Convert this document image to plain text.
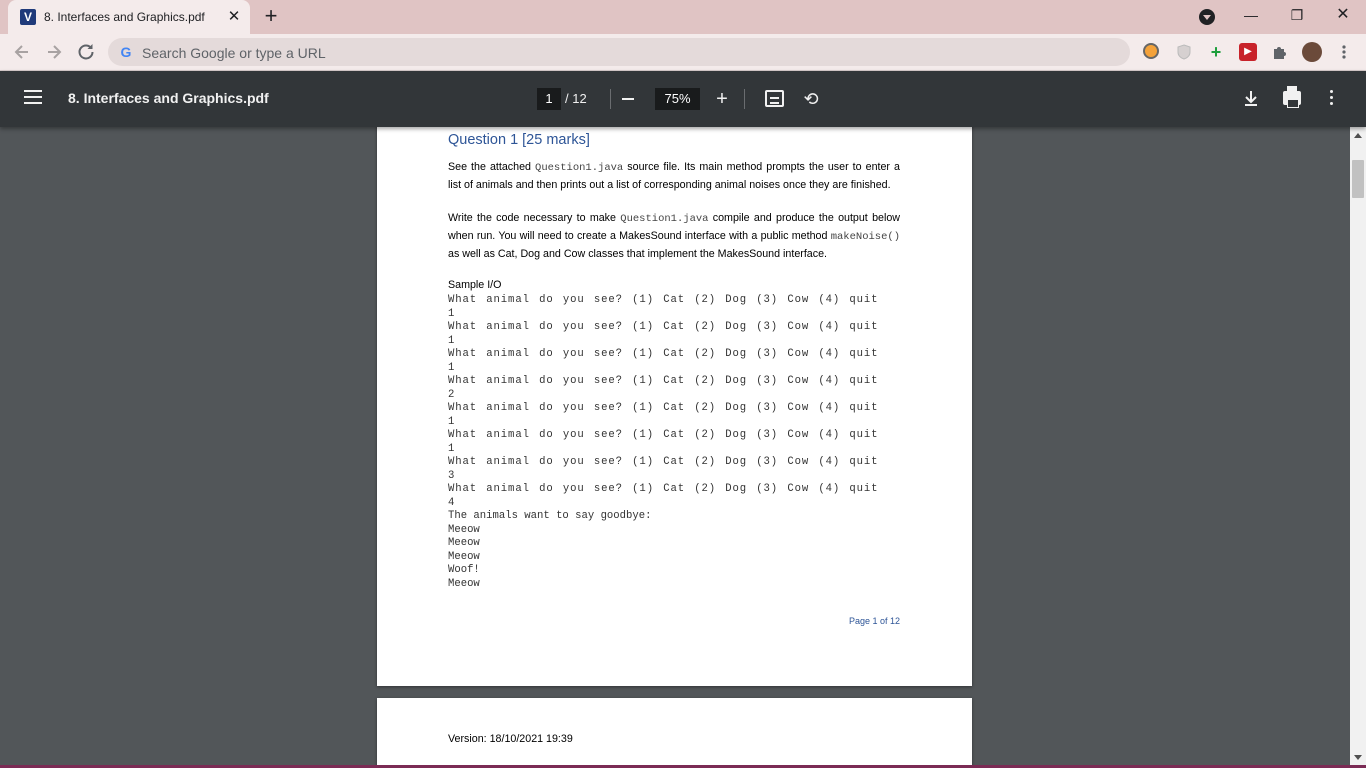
V	8. Interfaces and Graphics.pdf ✕ +	—	❐	✕
G Search Google or type a URL	+	▶
8. Interfaces and Graphics.pdf	1 / 12	75%	+	⟲
Question 1 [25 marks]
See the attached Question1.java source file. Its main method prompts the user to enter a list of animals and then prints out a list of corresponding animal noises once they are finished.
Write the code necessary to make Question1.java compile and produce the output below when run. You will need to create a MakesSound interface with a public method makeNoise() as well as Cat, Dog and Cow classes that implement the MakesSound interface.
Sample I/O
What animal do you see? (1) Cat (2) Dog (3) Cow (4) quit
1
What animal do you see? (1) Cat (2) Dog (3) Cow (4) quit
1
What animal do you see? (1) Cat (2) Dog (3) Cow (4) quit
1
What animal do you see? (1) Cat (2) Dog (3) Cow (4) quit
2
What animal do you see? (1) Cat (2) Dog (3) Cow (4) quit
1
What animal do you see? (1) Cat (2) Dog (3) Cow (4) quit
1
What animal do you see? (1) Cat (2) Dog (3) Cow (4) quit
3
What animal do you see? (1) Cat (2) Dog (3) Cow (4) quit
4
The animals want to say goodbye:
Meeow
Meeow
Meeow
Woof!
Meeow
Page 1 of 12
Version: 18/10/2021 19:39
